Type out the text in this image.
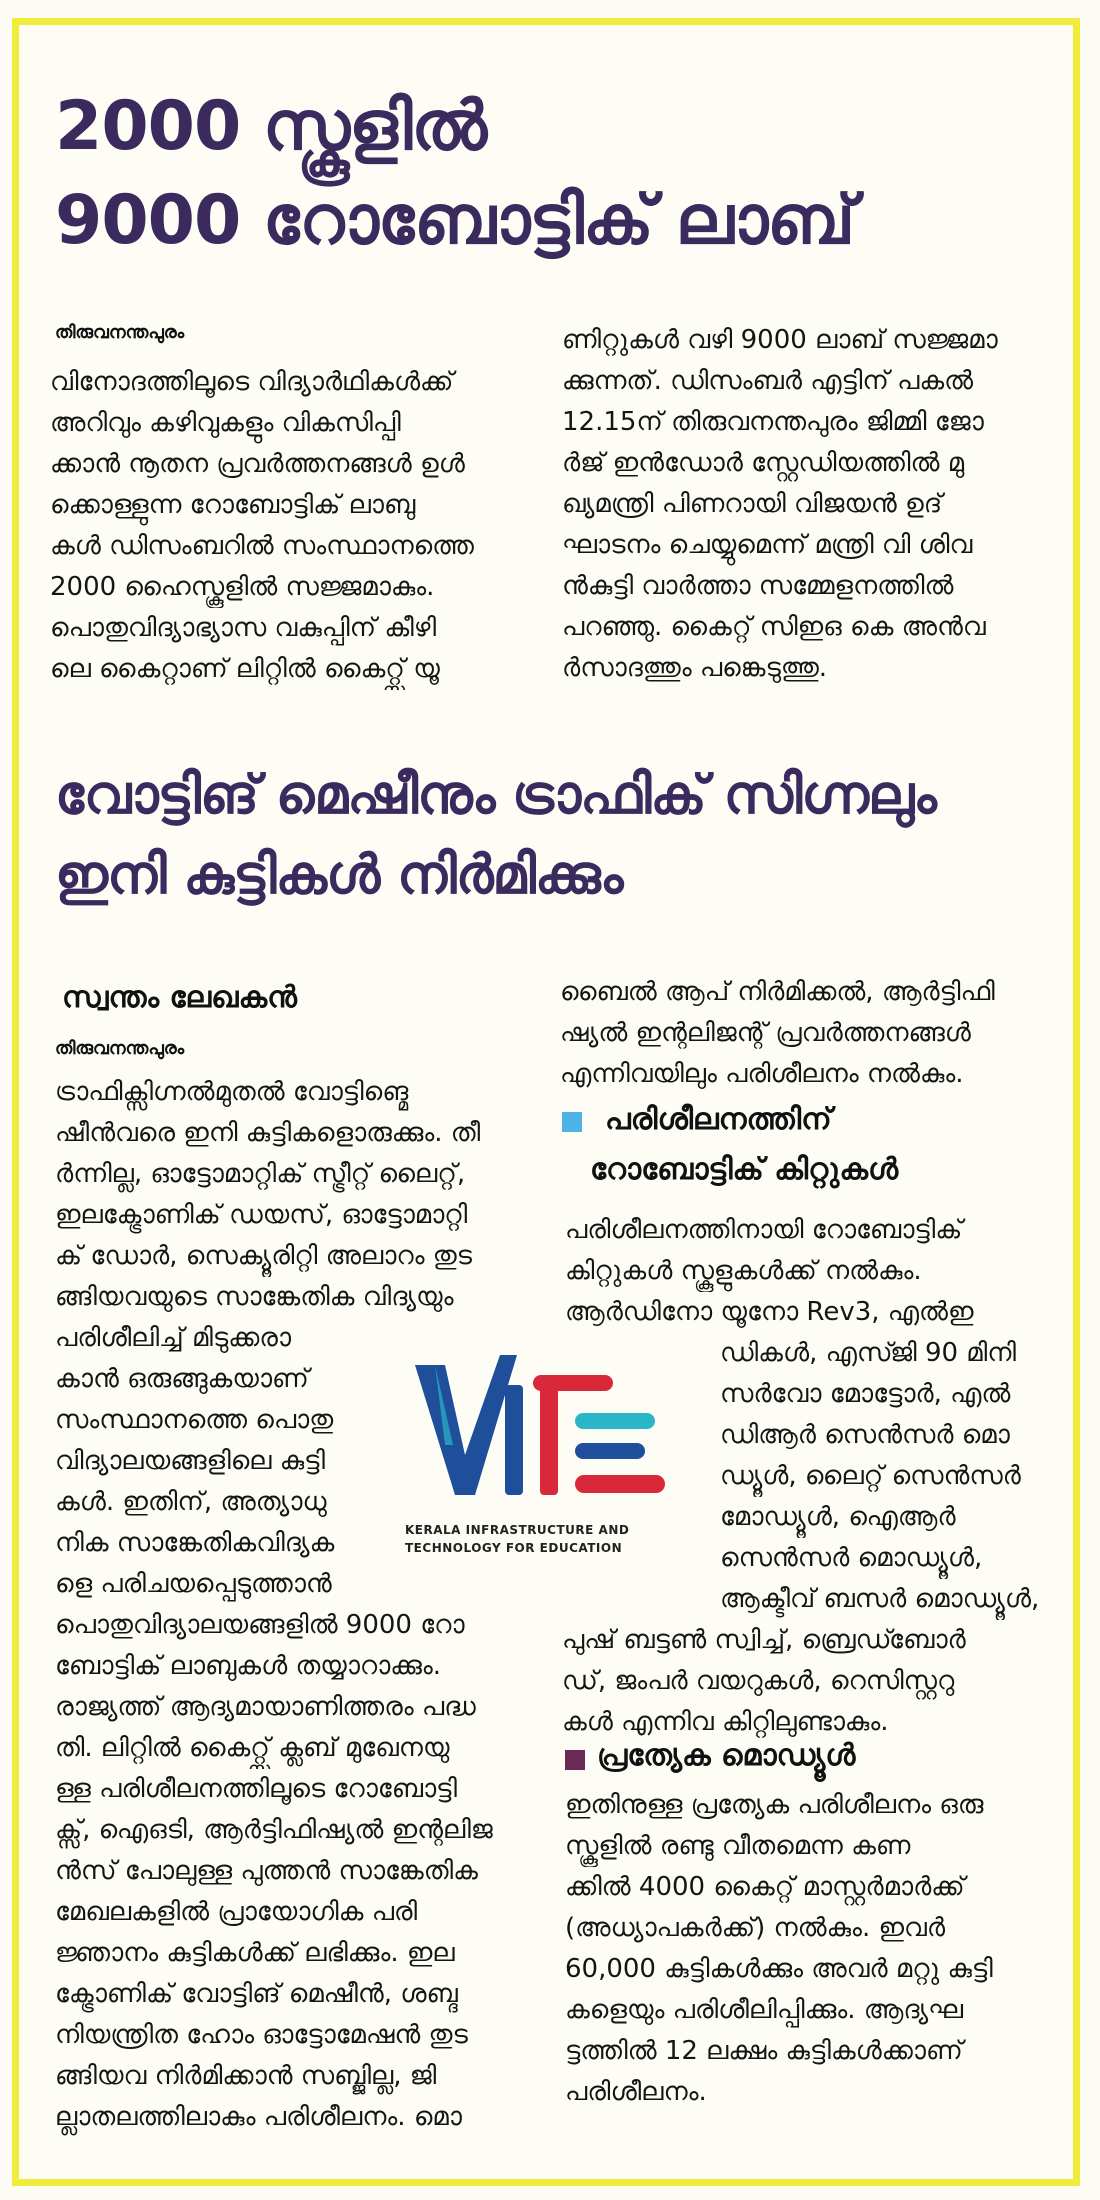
2000 സ്കൂളിൽ
9000 റോബോട്ടിക് ലാബ്

തിരുവനന്തപുരം

വിനോദത്തിലൂടെ വിദ്യാർഥികൾക്ക്
അറിവും കഴിവുകളും വികസിപ്പി
ക്കാൻ നൂതന പ്രവർത്തനങ്ങൾ ഉൾ
ക്കൊള്ളുന്ന റോബോട്ടിക് ലാബു
കൾ ഡിസംബറിൽ സംസ്ഥാനത്തെ
2000 ഹൈസ്കൂളിൽ സജ്ജമാകും.
പൊതുവിദ്യാഭ്യാസ വകുപ്പിന് കീഴി
ലെ കൈറ്റാണ് ലിറ്റിൽ കൈറ്റ്സ് യൂ
ണിറ്റുകൾ വഴി 9000 ലാബ് സജ്ജമാ
ക്കുന്നത്. ഡിസംബർ എട്ടിന് പകൽ
12.15ന് തിരുവനന്തപുരം ജിമ്മി ജോ
ർജ് ഇൻഡോർ സ്റ്റേഡിയത്തിൽ മു
ഖ്യമന്ത്രി പിണറായി വിജയൻ ഉദ്
ഘാടനം ചെയ്യുമെന്ന് മന്ത്രി വി ശിവ
ൻകുട്ടി വാർത്താ സമ്മേളനത്തിൽ
പറഞ്ഞു. കൈറ്റ് സിഇഒ കെ അൻവ
ർസാദത്തും പങ്കെടുത്തു.
വോട്ടിങ് മെഷീനും ട്രാഫിക് സിഗ്നലും
ഇനി കുട്ടികൾ നിർമിക്കും

സ്വന്തം ലേഖകൻ

തിരുവനന്തപുരം

ട്രാഫിക്സിഗ്നൽമുതൽ വോട്ടിങ്മെ
ഷീൻവരെ ഇനി കുട്ടികളൊരുക്കും. തീ
ർന്നില്ല, ഓട്ടോമാറ്റിക് സ്ട്രീറ്റ് ലൈറ്റ്,
ഇലക്ട്രോണിക് ഡയസ്, ഓട്ടോമാറ്റി
ക് ഡോർ, സെക്യൂരിറ്റി അലാറം തുട
ങ്ങിയവയുടെ സാങ്കേതിക വിദ്യയും
പരിശീലിച്ച് മിടുക്കരാ
കാൻ ഒരുങ്ങുകയാണ്
സംസ്ഥാനത്തെ പൊതു
വിദ്യാലയങ്ങളിലെ കുട്ടി
കൾ. ഇതിന്, അത്യാധു
നിക സാങ്കേതികവിദ്യക
ളെ പരിചയപ്പെടുത്താൻ
KERALA INFRASTRUCTURE AND
TECHNOLOGY FOR EDUCATION
പൊതുവിദ്യാലയങ്ങളിൽ 9000 റോ
ബോട്ടിക് ലാബുകൾ തയ്യാറാക്കും.
രാജ്യത്ത് ആദ്യമായാണിത്തരം പദ്ധ
തി. ലിറ്റിൽ കൈറ്റ്സ് ക്ലബ് മുഖേനയു
ള്ള പരിശീലനത്തിലൂടെ റോബോട്ടി
ക്സ്, ഐഒടി, ആർട്ടിഫിഷ്യൽ ഇന്റലിജ
ൻസ് പോലുള്ള പുത്തൻ സാങ്കേതിക
മേഖലകളിൽ പ്രായോഗിക പരി
ജ്ഞാനം കുട്ടികൾക്ക് ലഭിക്കും. ഇല
ക്ട്രോണിക് വോട്ടിങ് മെഷീൻ, ശബ്ദ
നിയന്ത്രിത ഹോം ഓട്ടോമേഷൻ തുട
ങ്ങിയവ നിർമിക്കാൻ സബ്ജില്ല, ജി
ല്ലാതലത്തിലാകും പരിശീലനം. മൊ
ബൈൽ ആപ് നിർമിക്കൽ, ആർട്ടിഫി
ഷ്യൽ ഇന്റലിജന്റ് പ്രവർത്തനങ്ങൾ
എന്നിവയിലും പരിശീലനം നൽകും.

പരിശീലനത്തിന്

റോബോട്ടിക് കിറ്റുകൾ

പരിശീലനത്തിനായി റോബോട്ടിക്
കിറ്റുകൾ സ്കൂളുകൾക്ക് നൽകും.
ആർഡിനോ യൂനോ Rev3, എൽഇ
ഡികൾ, എസ്ജി 90 മിനി
സർവോ മോട്ടോർ, എൽ
ഡിആർ സെൻസർ മൊ
ഡ്യൂൾ, ലൈറ്റ് സെൻസർ
മോഡ്യൂൾ, ഐആർ
സെൻസർ മൊഡ്യൂൾ,
ആക്ടീവ് ബസർ മൊഡ്യൂൾ,
പുഷ് ബട്ടൺ സ്വിച്ച്, ബ്രെഡ്ബോർ
ഡ്, ജംപർ വയറുകൾ, റെസിസ്റ്ററു
കൾ എന്നിവ കിറ്റിലുണ്ടാകും.

പ്രത്യേക മൊഡ്യൂൾ

ഇതിനുള്ള പ്രത്യേക പരിശീലനം ഒരു
സ്കൂളിൽ രണ്ടു വീതമെന്ന കണ
ക്കിൽ 4000 കൈറ്റ് മാസ്റ്റർമാർക്ക്
(അധ്യാപകർക്ക്) നൽകും. ഇവർ
60,000 കുട്ടികൾക്കും അവർ മറ്റു കുട്ടി
കളെയും പരിശീലിപ്പിക്കും. ആദ്യഘ
ട്ടത്തിൽ 12 ലക്ഷം കുട്ടികൾക്കാണ്
പരിശീലനം.
